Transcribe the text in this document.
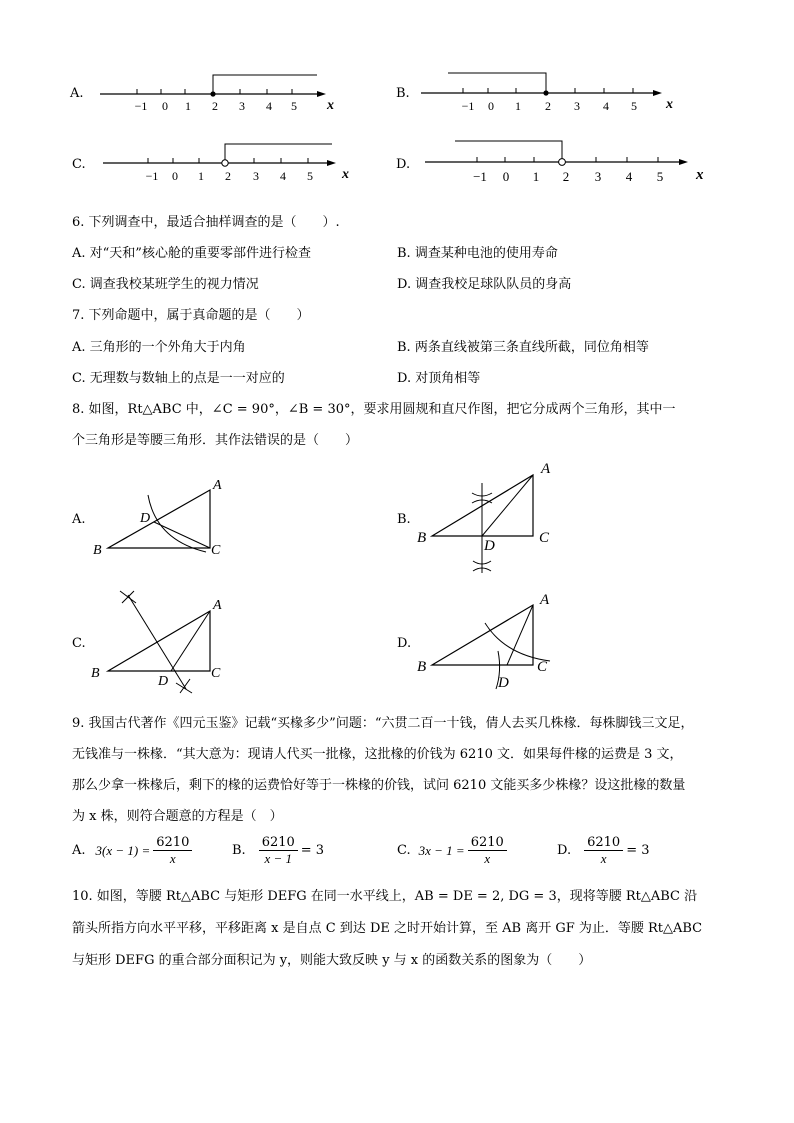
A.
−1 0 1 2 3 4 5 x
B.
−1 0 1 2 3 4 5 x
C.
−1 0 1 2 3 4 5 x
D.
−1 0 1 2 3 4 5 x
6. 下列调查中，最适合抽样调查的是（　　）.
A. 对“天和”核心舱的重要零部件进行检查	B. 调查某种电池的使用寿命
C. 调查我校某班学生的视力情况	D. 调查我校足球队队员的身高
7. 下列命题中，属于真命题的是（　　）
A. 三角形的一个外角大于内角	B. 两条直线被第三条直线所截，同位角相等
C. 无理数与数轴上的点是一一对应的	D. 对顶角相等
8. 如图，Rt△ABC 中，∠C = 90°，∠B = 30°，要求用圆规和直尺作图，把它分成两个三角形，其中一
个三角形是等腰三角形．其作法错误的是（　　）
A.
A
B	C
D	B.
A
B	C
D
C.
A
B	C
D
D.
A
B	C
D
9. 我国古代著作《四元玉鉴》记载“买椽多少”问题：“六贯二百一十钱，倩人去买几株椽．每株脚钱三文足，
无钱准与一株椽．“其大意为：现请人代买一批椽，这批椽的价钱为 6210 文．如果每件椽的运费是 3 文，
那么少拿一株椽后，剩下的椽的运费恰好等于一株椽的价钱，试问 6210 文能买多少株椽？设这批椽的数量
为 x 株，则符合题意的方程是（　）
A. $3(x - 1) = \frac{6210}{x}$	B. $\frac{6210}{x - 1} = 3$	C. $3x - 1 = \frac{6210}{x}$	D. $\frac{6210}{x} = 3$
10. 如图，等腰 Rt△ABC 与矩形 DEFG 在同一水平线上，AB = DE = 2, DG = 3，现将等腰 Rt△ABC 沿
箭头所指方向水平平移，平移距离 x 是自点 C 到达 DE 之时开始计算，至 AB 离开 GF 为止．等腰 Rt△ABC
与矩形 DEFG 的重合部分面积记为 y，则能大致反映 y 与 x 的函数关系的图象为（　　）
